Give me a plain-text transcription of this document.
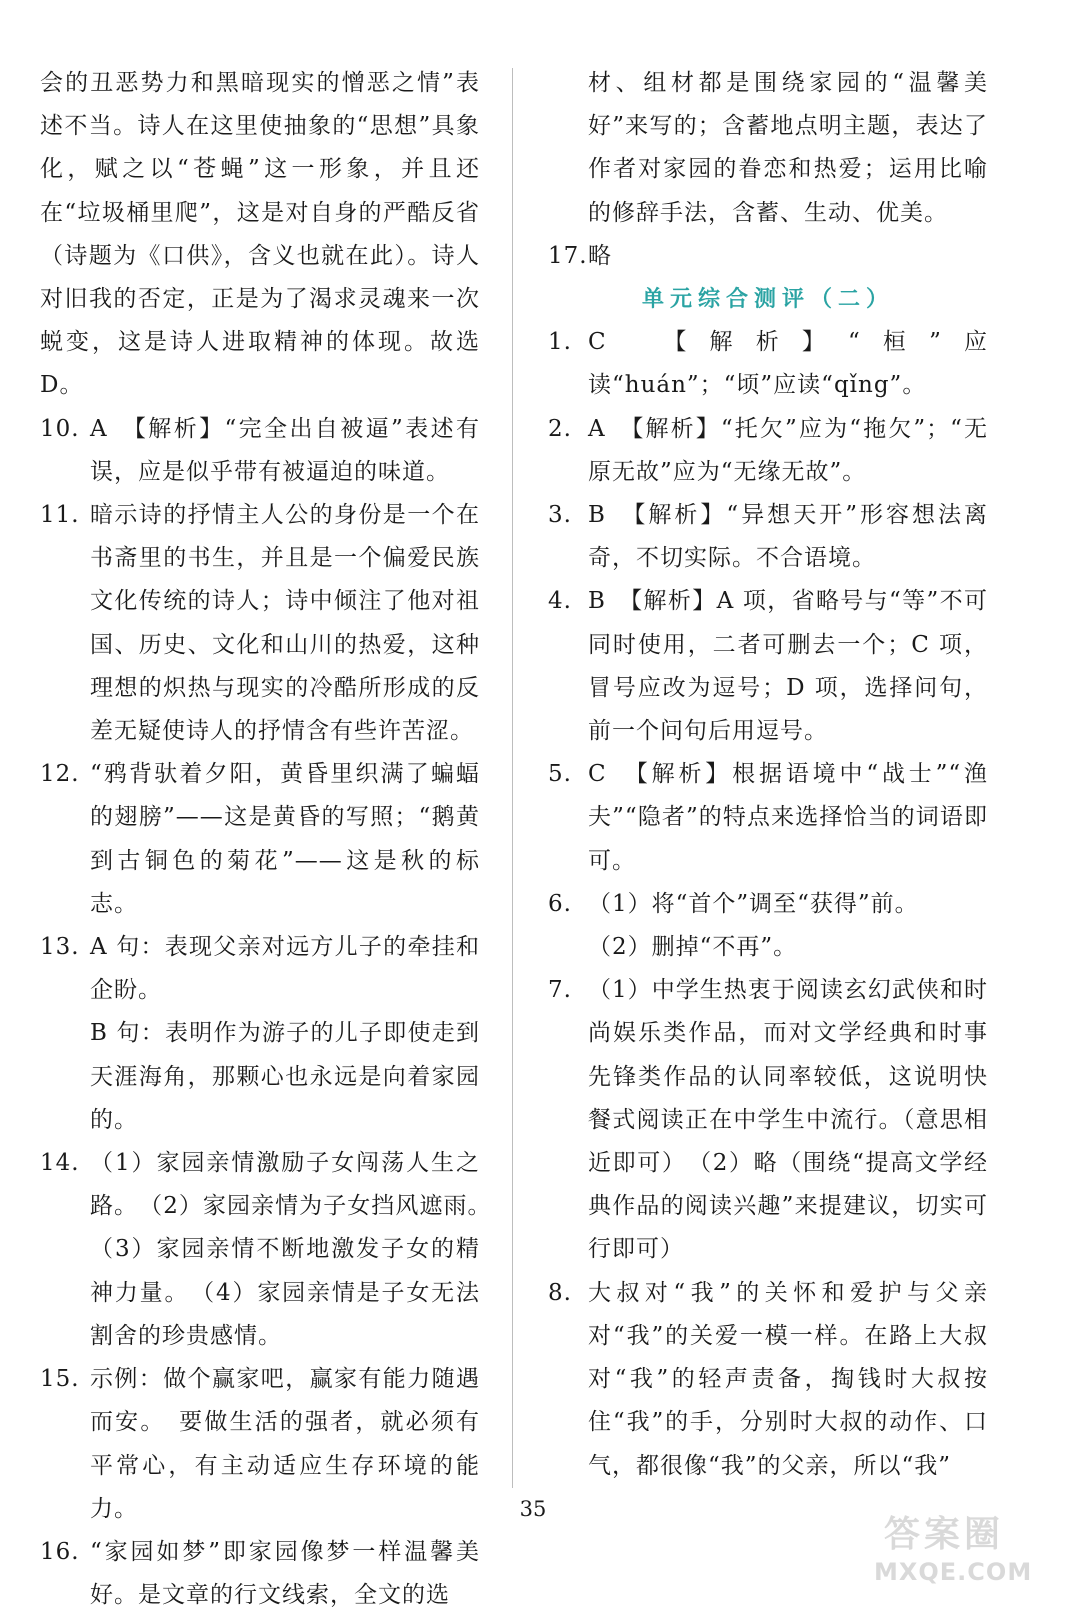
会的丑恶势力和黑暗现实的憎恶之情”表述不当。诗人在这里使抽象的“思想”具象化，赋之以“苍蝇”这一形象，并且还在“垃圾桶里爬”，这是对自身的严酷反省（诗题为《口供》，含义也就在此）。诗人对旧我的否定，正是为了渴求灵魂来一次蜕变，这是诗人进取精神的体现。故选 D。
10. A　【解析】“完全出自被逼”表述有误，应是似乎带有被逼迫的味道。
11. 暗示诗的抒情主人公的身份是一个在书斋里的书生，并且是一个偏爱民族文化传统的诗人；诗中倾注了他对祖国、历史、文化和山川的热爱，这种理想的炽热与现实的冷酷所形成的反差无疑使诗人的抒情含有些许苦涩。
12. “鸦背驮着夕阳，黄昏里织满了蝙蝠的翅膀”——这是黄昏的写照；“鹅黄到古铜色的菊花”——这是秋的标志。
13. A 句：表现父亲对远方儿子的牵挂和企盼。
B 句：表明作为游子的儿子即使走到天涯海角，那颗心也永远是向着家园的。
14. （1）家园亲情激励子女闯荡人生之路。　（2）家园亲情为子女挡风遮雨。　（3）家园亲情不断地激发子女的精神力量。　（4）家园亲情是子女无法割舍的珍贵感情。
15. 示例：做个赢家吧，赢家有能力随遇而安。　要做生活的强者，就必须有平常心，有主动适应生存环境的能力。
16. “家园如梦”即家园像梦一样温馨美好。是文章的行文线索，全文的选
材、组材都是围绕家园的“温馨美好”来写的；含蓄地点明主题，表达了作者对家园的眷恋和热爱；运用比喻的修辞手法，含蓄、生动、优美。
17. 略
单元综合测评（二）
1. C　【解析】“桓”应读“huán”；“顷”应读“qǐng”。
2. A　【解析】“托欠”应为“拖欠”；“无原无故”应为“无缘无故”。
3. B　【解析】“异想天开”形容想法离奇，不切实际。不合语境。
4. B　【解析】A 项，省略号与“等”不可同时使用，二者可删去一个；C 项，冒号应改为逗号；D 项，选择问句，前一个问句后用逗号。
5. C　【解析】根据语境中“战士”“渔夫”“隐者”的特点来选择恰当的词语即可。
6. （1）将“首个”调至“获得”前。
（2）删掉“不再”。
7. （1）中学生热衷于阅读玄幻武侠和时尚娱乐类作品，而对文学经典和时事先锋类作品的认同率较低，这说明快餐式阅读正在中学生中流行。（意思相近即可）　（2）略（围绕“提高文学经典作品的阅读兴趣”来提建议，切实可行即可）
8. 大叔对“我”的关怀和爱护与父亲对“我”的关爱一模一样。在路上大叔对“我”的轻声责备，掏钱时大叔按住“我”的手，分别时大叔的动作、口气，都很像“我”的父亲，所以“我”
35
答案圈
MXQE.COM
